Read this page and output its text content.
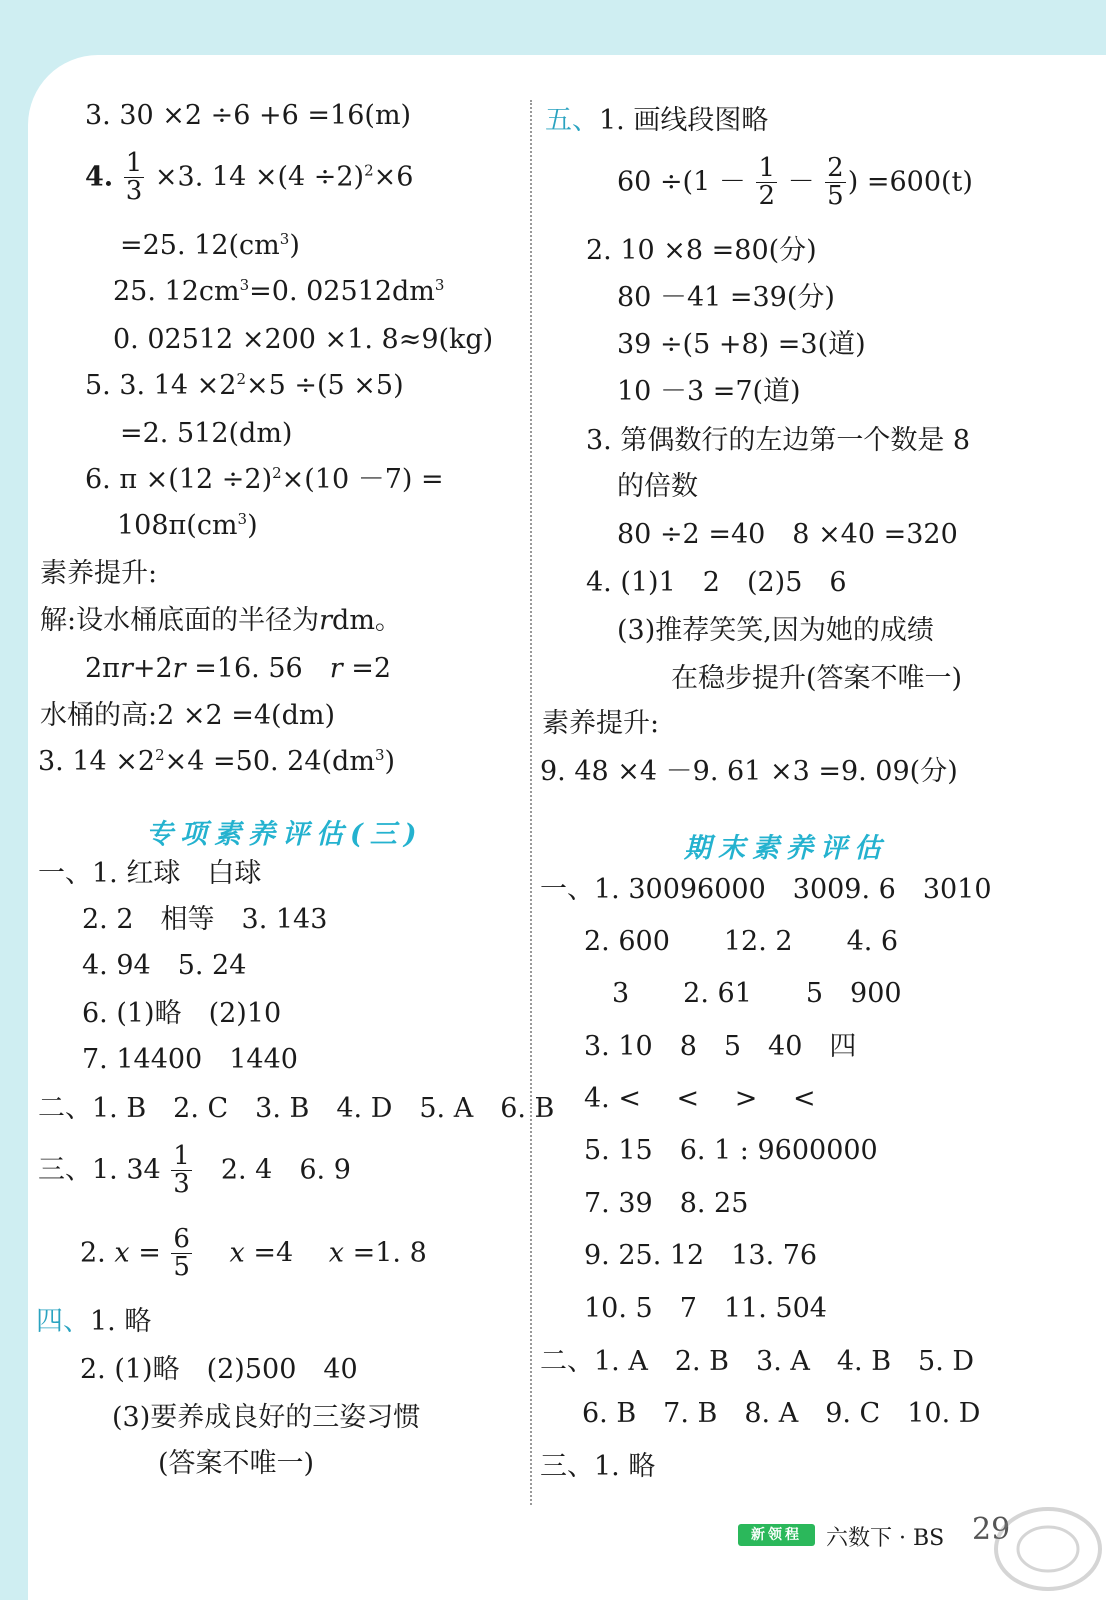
3. 30 ×2 ÷6 +6 =16(m)
4. $\frac{1}{3} \times 3$. $14 \times(4 \div 2)^2\times 6$
=25. $12(cm^3)$
25. $12cm^3=0$. $02512dm^3$
0. 02512 ×200 ×1. 8≈9(kg)
5. 3. $14 \times 2^2\times 5 \div(5 \times 5)$
=2. 512(dm)
6. $\pi \times(12 \div 2)^2\times(10 -7)$ =
$108\pi(cm^3)$
素养提升:
解:设水桶底面的半径为rdm。
2πr+2r =16. 56　 r =2
水桶的高:2 ×2 =4(dm)
3. $14 \times 2^2\times 4 =50$. $24(dm^3)$
专项素养评估(三)
一、1. 红球　白球
2. 2　相等　3. 143
4. 94　5. 24
6. (1)略　(2)10
7. 14400　1440
二、1. B　2. C　3. B　4. D　5. A　6. B
三、1. $34 \frac{1}{3}$
　 2. 4　6. 9
2. $x = \frac{6}{5}$
　 x =4　 x =1. 8
四、1. 略
2. (1)略　(2)500　40
(3)要养成良好的三姿习惯
(答案不唯一)
五、1. 画线段图略
$60 \div(1 - \frac{1}{2} - \frac{2}{5}$ ) =600(t)
2. 10 ×8 =80(分)
80 －41 =39(分)
39 ÷(5 +8) =3(道)
10 －3 =7(道)
3. 第偶数行的左边第一个数是 8
的倍数
80 ÷2 =40　8 ×40 =320
4. (1)1　2　(2)5　6
(3)推荐笑笑,因为她的成绩
在稳步提升(答案不唯一)
素养提升:
9. 48 ×4 －9. 61 ×3 =9. 09(分)
期末素养评估
一、1. 30096000　3009. 6　3010
2. 600　　12. 2　　4. 6
3　　2. 61　　5　900
3. 10　8　5　40　四
4. <　 <　 >　 <
5. 15　6. 1 : 9600000
7. 39　8. 25
9. 25. 12　13. 76
10. 5　7　11. 504
二、1. A　2. B　3. A　4. B　5. D
6. B　7. B　8. A　9. C　10. D
三、1. 略
新领程	六数下 · BS 29
